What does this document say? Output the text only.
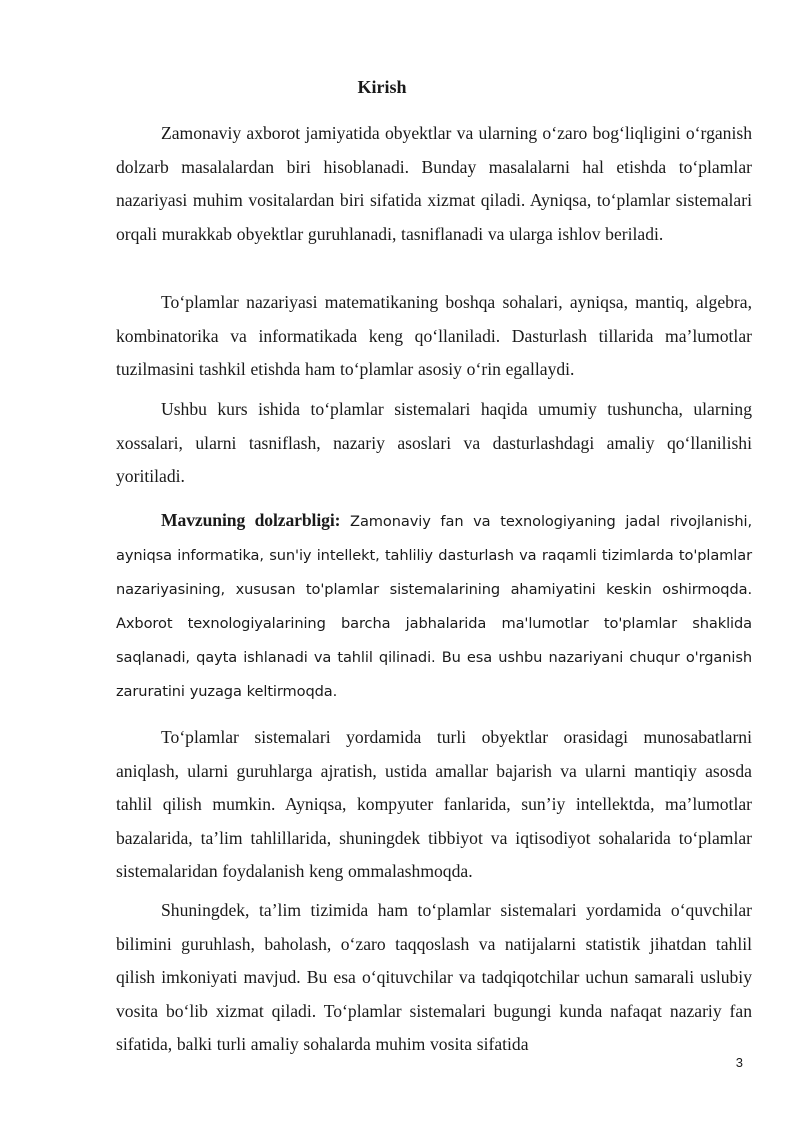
Kirish

Zamonaviy axborot jamiyatida obyektlar va ularning o‘zaro bog‘liqligini o‘rganish dolzarb masalalardan biri hisoblanadi. Bunday masalalarni hal etishda to‘plamlar nazariyasi muhim vositalardan biri sifatida xizmat qiladi. Ayniqsa, to‘plamlar sistemalari orqali murakkab obyektlar guruhlanadi, tasniflanadi va ularga ishlov beriladi.

To‘plamlar nazariyasi matematikaning boshqa sohalari, ayniqsa, mantiq, algebra, kombinatorika va informatikada keng qo‘llaniladi. Dasturlash tillarida ma’lumotlar tuzilmasini tashkil etishda ham to‘plamlar asosiy o‘rin egallaydi.

Ushbu kurs ishida to‘plamlar sistemalari haqida umumiy tushuncha, ularning xossalari, ularni tasniflash, nazariy asoslari va dasturlashdagi amaliy qo‘llanilishi yoritiladi.

Mavzuning dolzarbligi: Zamonaviy fan va texnologiyaning jadal rivojlanishi, ayniqsa informatika, sun'iy intellekt, tahliliy dasturlash va raqamli tizimlarda to'plamlar nazariyasining, xususan to'plamlar sistemalarining ahamiyatini keskin oshirmoqda. Axborot texnologiyalarining barcha jabhalarida ma'lumotlar to'plamlar shaklida saqlanadi, qayta ishlanadi va tahlil qilinadi. Bu esa ushbu nazariyani chuqur o'rganish zaruratini yuzaga keltirmoqda.

To‘plamlar sistemalari yordamida turli obyektlar orasidagi munosabatlarni aniqlash, ularni guruhlarga ajratish, ustida amallar bajarish va ularni mantiqiy asosda tahlil qilish mumkin. Ayniqsa, kompyuter fanlarida, sun’iy intellektda, ma’lumotlar bazalarida, ta’lim tahlillarida, shuningdek tibbiyot va iqtisodiyot sohalarida to‘plamlar sistemalaridan foydalanish keng ommalashmoqda.

Shuningdek, ta’lim tizimida ham to‘plamlar sistemalari yordamida o‘quvchilar bilimini guruhlash, baholash, o‘zaro taqqoslash va natijalarni statistik jihatdan tahlil qilish imkoniyati mavjud. Bu esa o‘qituvchilar va tadqiqotchilar uchun samarali uslubiy vosita bo‘lib xizmat qiladi. To‘plamlar sistemalari bugungi kunda nafaqat nazariy fan sifatida, balki turli amaliy sohalarda muhim vosita sifatida

3
